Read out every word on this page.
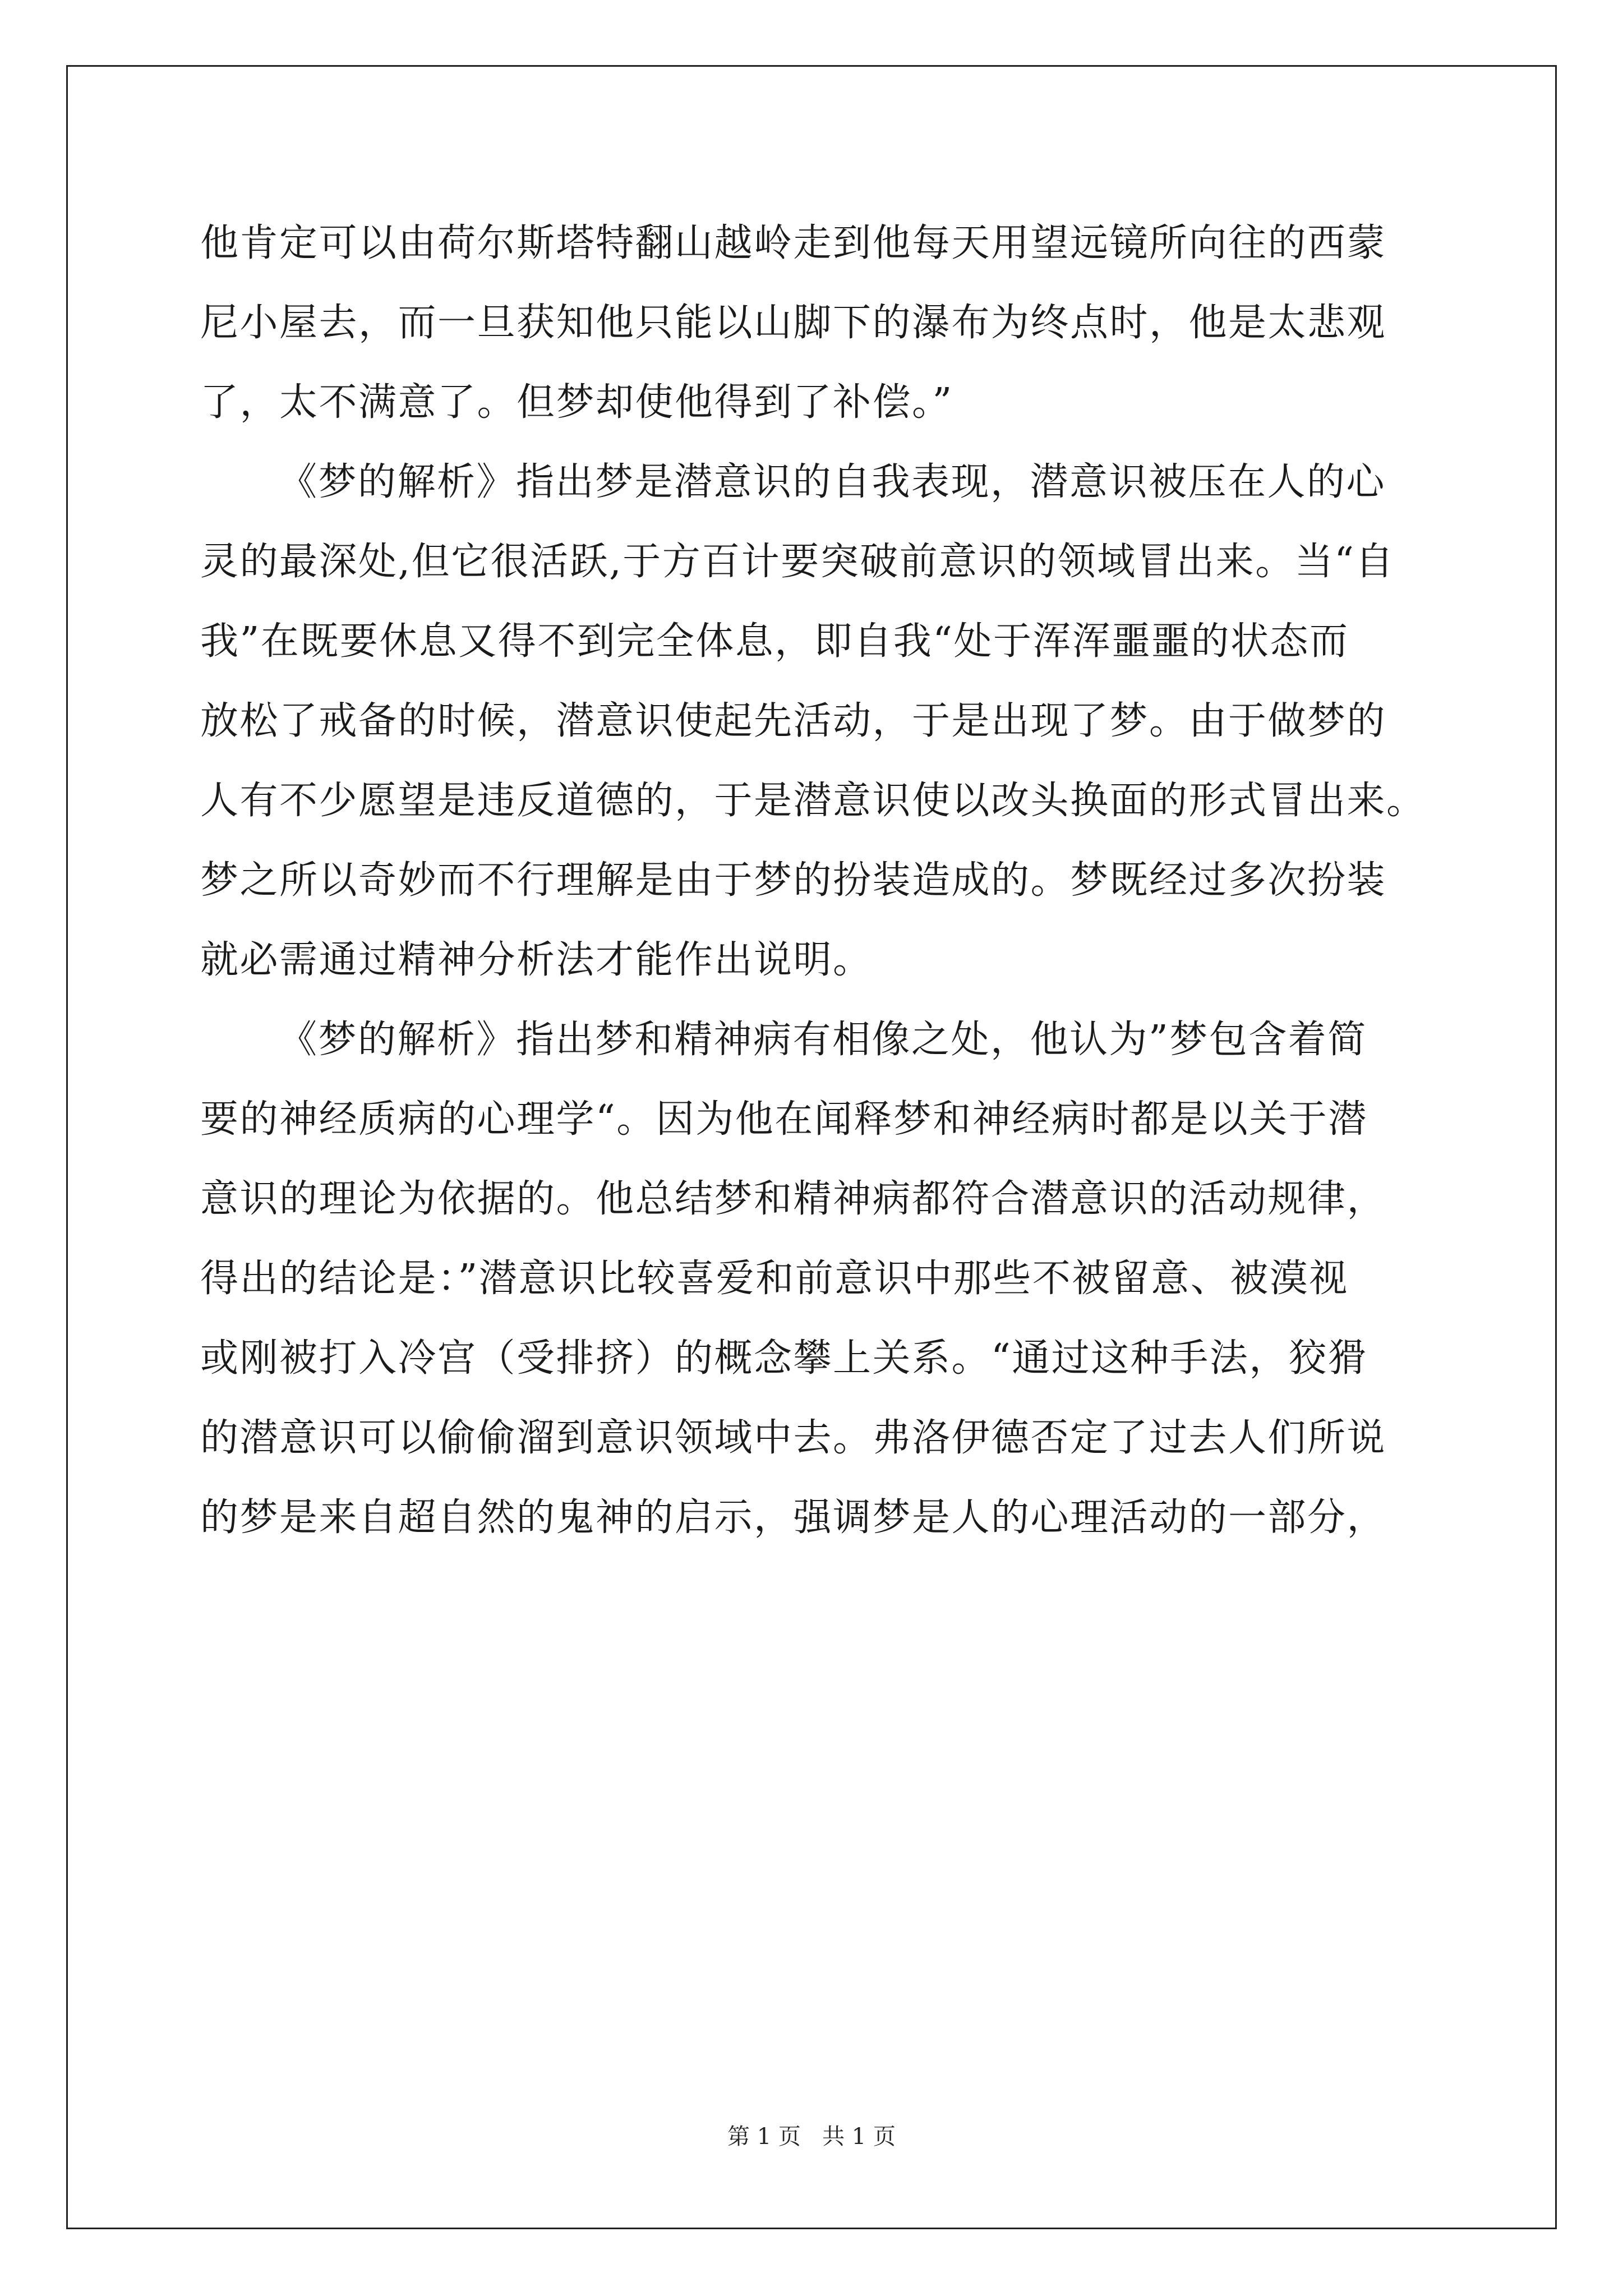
他肯定可以由荷尔斯塔特翻山越岭走到他每天用望远镜所向往的西蒙
尼小屋去，而一旦获知他只能以山脚下的瀑布为终点时，他是太悲观
了，太不满意了。但梦却使他得到了补偿。”
《梦的解析》指出梦是潜意识的自我表现，潜意识被压在人的心
灵的最深处,但它很活跃,于方百计要突破前意识的领域冒出来。当“自
我”在既要休息又得不到完全体息，即自我“处于浑浑噩噩的状态而
放松了戒备的时候，潜意识使起先活动，于是出现了梦。由于做梦的
人有不少愿望是违反道德的，于是潜意识使以改头换面的形式冒出来。
梦之所以奇妙而不行理解是由于梦的扮装造成的。梦既经过多次扮装
就必需通过精神分析法才能作出说明。
《梦的解析》指出梦和精神病有相像之处，他认为”梦包含着简
要的神经质病的心理学“。因为他在闻释梦和神经病时都是以关于潜
意识的理论为依据的。他总结梦和精神病都符合潜意识的活动规律，
得出的结论是：”潜意识比较喜爱和前意识中那些不被留意、被漠视
或刚被打入冷宫（受排挤）的概念攀上关系。“通过这种手法，狡猾
的潜意识可以偷偷溜到意识领域中去。弗洛伊德否定了过去人们所说
的梦是来自超自然的鬼神的启示，强调梦是人的心理活动的一部分，
第 1 页   共 1 页
